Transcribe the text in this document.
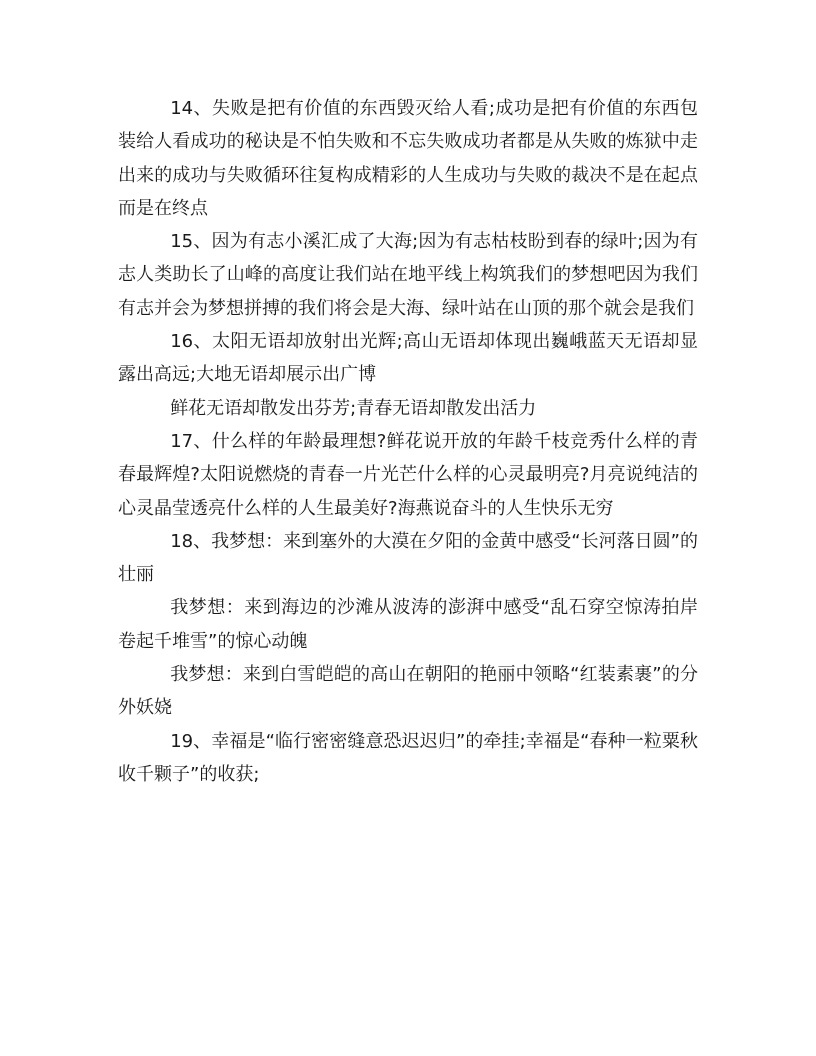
14、失败是把有价值的东西毁灭给人看;成功是把有价值的东西包装给人看成功的秘诀是不怕失败和不忘失败成功者都是从失败的炼狱中走出来的成功与失败循环往复构成精彩的人生成功与失败的裁决不是在起点而是在终点

15、因为有志小溪汇成了大海;因为有志枯枝盼到春的绿叶;因为有志人类助长了山峰的高度让我们站在地平线上构筑我们的梦想吧因为我们有志并会为梦想拼搏的我们将会是大海、绿叶站在山顶的那个就会是我们

16、太阳无语却放射出光辉;高山无语却体现出巍峨蓝天无语却显露出高远;大地无语却展示出广博

鲜花无语却散发出芬芳;青春无语却散发出活力

17、什么样的年龄最理想?鲜花说开放的年龄千枝竞秀什么样的青春最辉煌?太阳说燃烧的青春一片光芒什么样的心灵最明亮?月亮说纯洁的心灵晶莹透亮什么样的人生最美好?海燕说奋斗的人生快乐无穷

18、我梦想：来到塞外的大漠在夕阳的金黄中感受“长河落日圆”的壮丽

我梦想：来到海边的沙滩从波涛的澎湃中感受“乱石穿空惊涛拍岸卷起千堆雪”的惊心动魄

我梦想：来到白雪皑皑的高山在朝阳的艳丽中领略“红装素裹”的分外妖娆

19、幸福是“临行密密缝意恐迟迟归”的牵挂;幸福是“春种一粒粟秋收千颗子”的收获;
